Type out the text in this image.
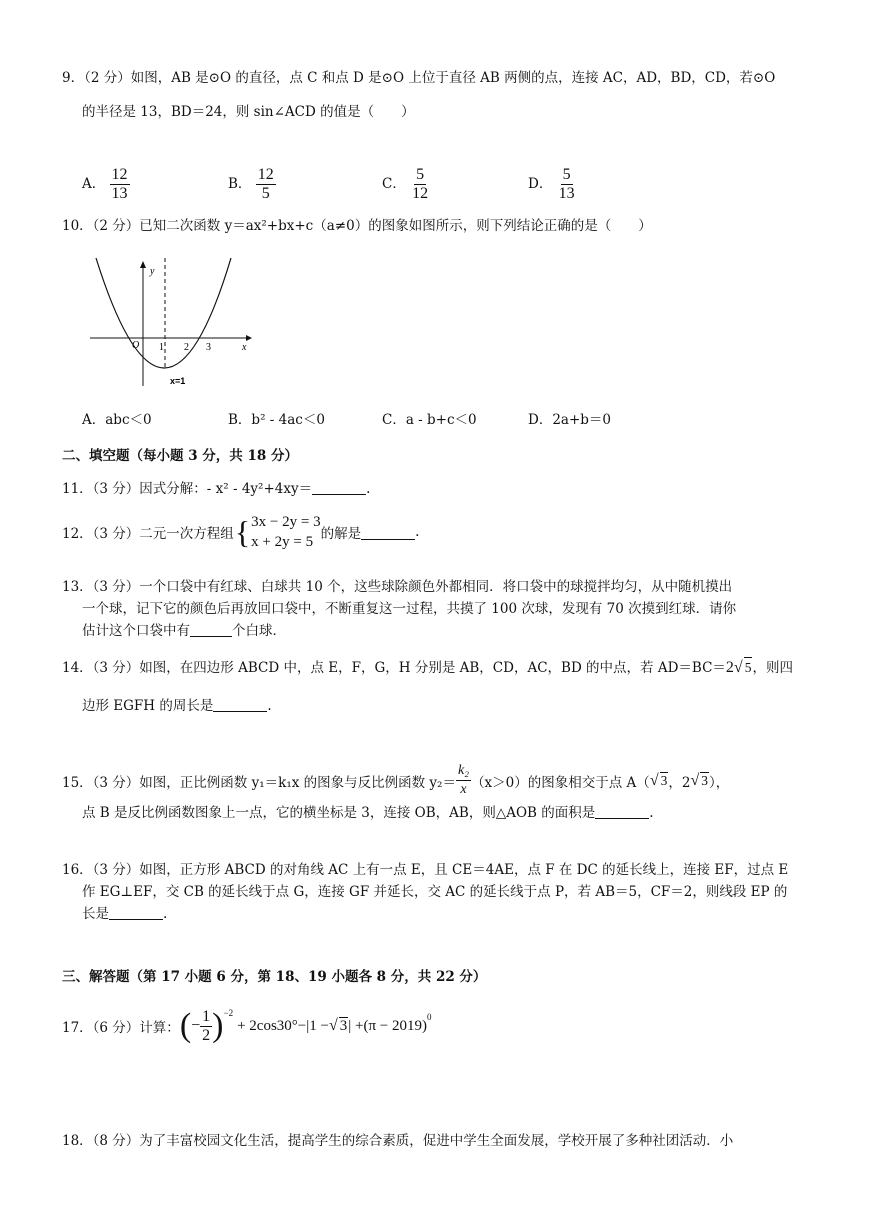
9．（2 分）如图，AB 是⊙O 的直径，点 C 和点 D 是⊙O 上位于直径 AB 两侧的点，连接 AC，AD，BD，CD，若⊙O
的半径是 13，BD＝24，则 sin∠ACD 的值是（　　）
A． $\frac{12}{13}$	B． $\frac{12}{5}$	C． $\frac{5}{12}$	D． $\frac{5}{13}$
10．（2 分）已知二次函数 y＝ax²+bx+c（a≠0）的图象如图所示，则下列结论正确的是（　　）
y
x
O 1 2 3
x=1
A．abc＜0	B．b² - 4ac＜0	C．a - b+c＜0	D．2a+b＝0
二、填空题（每小题 3 分，共 18 分）
11．（3 分）因式分解：- x² - 4y²+4xy＝	.
12．（3 分）二元一次方程组 { 3x − 2y = 3
x + 2y = 5 的解是	.
13．（3 分）一个口袋中有红球、白球共 10 个，这些球除颜色外都相同．将口袋中的球搅拌均匀，从中随机摸出
一个球，记下它的颜色后再放回口袋中，不断重复这一过程，共摸了 100 次球，发现有 70 次摸到红球．请你
估计这个口袋中有	个白球．
14．（3 分）如图，在四边形 ABCD 中，点 E，F，G，H 分别是 AB，CD，AC，BD 的中点，若 AD＝BC＝2√ 5，则四
边形 EGFH 的周长是	.
15．（3 分）如图，正比例函数 y₁＝k₁x 的图象与反比例函数 $y_2= \frac{\text{k₂}}{x} (x>0)$的图象相交于点 A（ √ 3 ，2 √ 3 ），
点 B 是反比例函数图象上一点，它的横坐标是 3，连接 OB，AB，则△AOB 的面积是	.
16．（3 分）如图，正方形 ABCD 的对角线 AC 上有一点 E，且 CE＝4AE，点 F 在 DC 的延长线上，连接 EF，过点 E
作 EG⊥EF，交 CB 的延长线于点 G，连接 GF 并延长，交 AC 的延长线于点 P，若 AB＝5，CF＝2，则线段 EP 的
长是	.
三、解答题（第 17 小题 6 分，第 18、19 小题各 8 分，共 22 分）
17．（6 分）计算： ( − $\frac{1}{2} )^{-2}$
+ 2cos30°−|1 − √ 3 | +(π − 2019)
$^0$
18．（8 分）为了丰富校园文化生活，提高学生的综合素质，促进中学生全面发展，学校开展了多种社团活动．小
